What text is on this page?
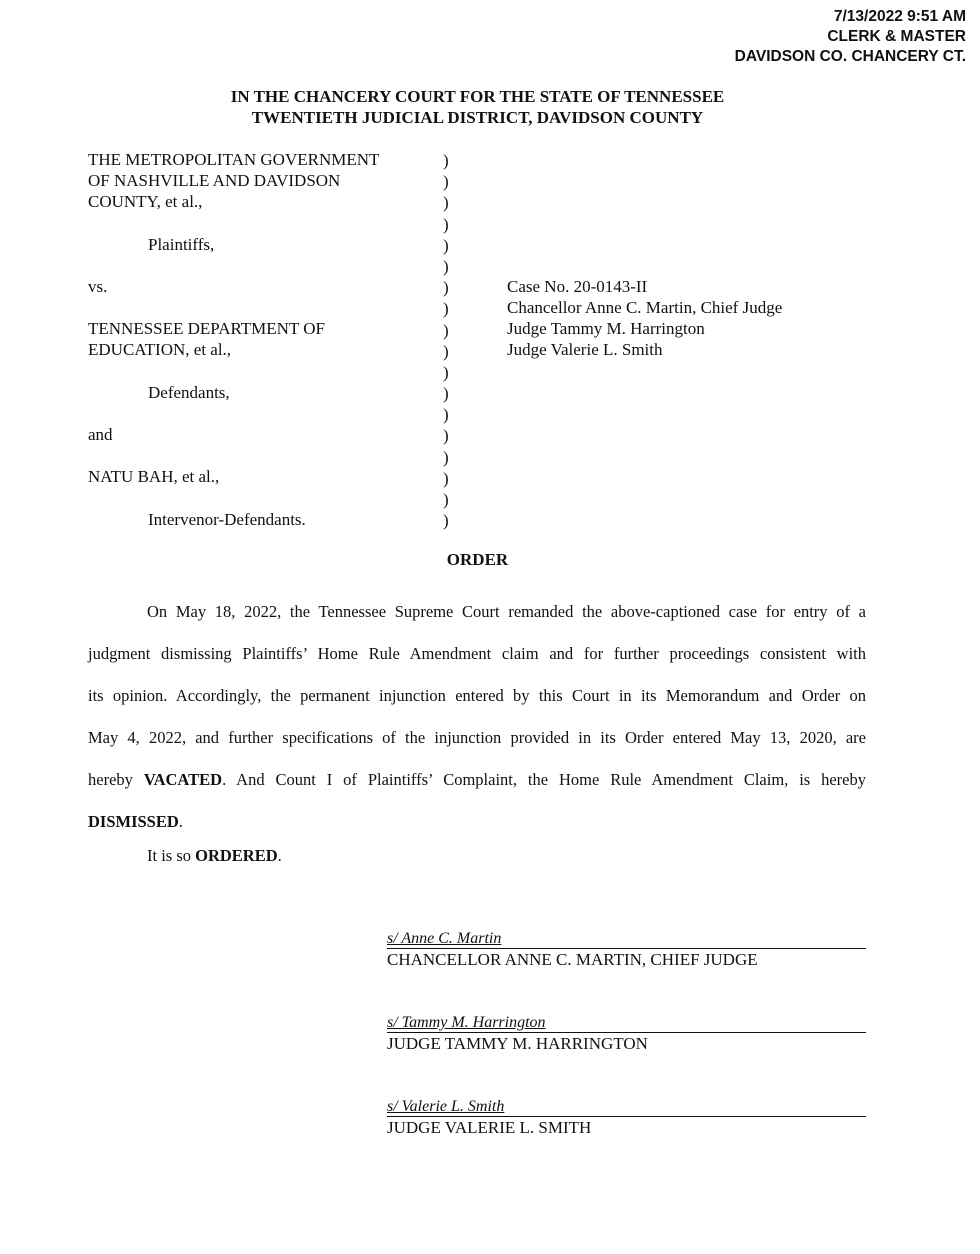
7/13/2022 9:51 AM
CLERK & MASTER
DAVIDSON CO. CHANCERY CT.
IN THE CHANCERY COURT FOR THE STATE OF TENNESSEE
TWENTIETH JUDICIAL DISTRICT, DAVIDSON COUNTY
THE METROPOLITAN GOVERNMENT
OF NASHVILLE AND DAVIDSON
COUNTY, et al.,
Plaintiffs,
vs.
TENNESSEE DEPARTMENT OF
EDUCATION, et al.,
Defendants,
and
NATU BAH, et al.,
Intervenor-Defendants.
)
)
)
)
)
)
)
)
)
)
)
)
)
)
)
)
)
)
Case No. 20-0143-II
Chancellor Anne C. Martin, Chief Judge
Judge Tammy M. Harrington
Judge Valerie L. Smith
ORDER
On May 18, 2022, the Tennessee Supreme Court remanded the above-captioned case for entry of a
judgment dismissing Plaintiffs’ Home Rule Amendment claim and for further proceedings consistent with
its opinion. Accordingly, the permanent injunction entered by this Court in its Memorandum and Order on
May 4, 2022, and further specifications of the injunction provided in its Order entered May 13, 2020, are
hereby VACATED. And Count I of Plaintiffs’ Complaint, the Home Rule Amendment Claim, is hereby
DISMISSED.
It is so ORDERED.
s/ Anne C. Martin
CHANCELLOR ANNE C. MARTIN, CHIEF JUDGE
s/ Tammy M. Harrington
JUDGE TAMMY M. HARRINGTON
s/ Valerie L. Smith
JUDGE VALERIE L. SMITH
